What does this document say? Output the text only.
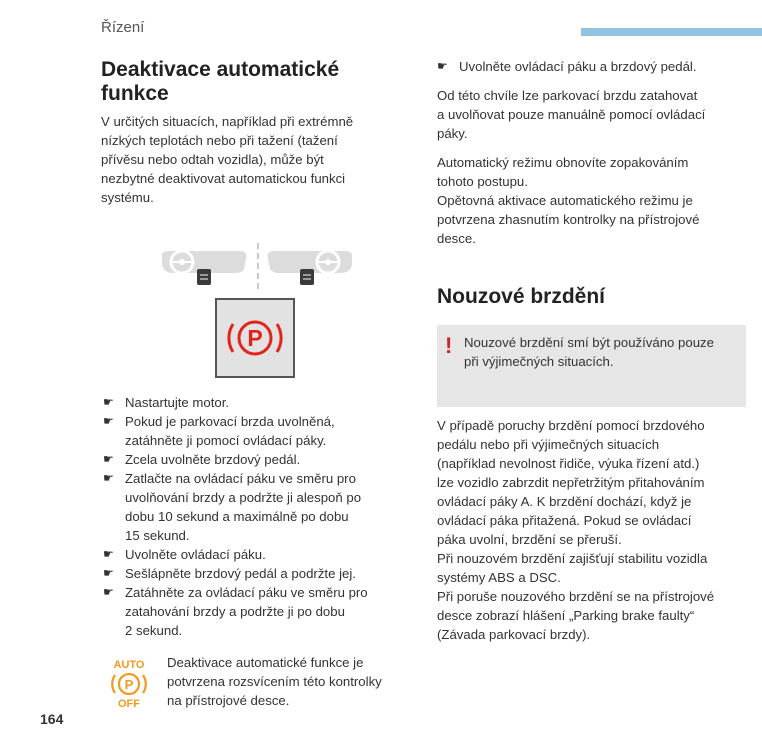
Řízení
Deaktivace automatické
funkce
V určitých situacích, například při extrémně
nízkých teplotách nebo při tažení (tažení
přívěsu nebo odtah vozidla), může být
nezbytné deaktivovat automatickou funkci
systému.
P
☛ Nastartujte motor.
☛ Pokud je parkovací brzda uvolněná,
zatáhněte ji pomocí ovládací páky.
☛ Zcela uvolněte brzdový pedál.
☛ Zatlačte na ovládací páku ve směru pro
uvolňování brzdy a podržte ji alespoň po
dobu 10 sekund a maximálně po dobu
15 sekund.
☛ Uvolněte ovládací páku.
☛ Sešlápněte brzdový pedál a podržte jej.
☛ Zatáhněte za ovládací páku ve směru pro
zatahování brzdy a podržte ji po dobu
2 sekund.
AUTO
P
OFF
Deaktivace automatické funkce je
potvrzena rozsvícením této kontrolky
na přístrojové desce.
164
☛ Uvolněte ovládací páku a brzdový pedál.
Od této chvíle lze parkovací brzdu zatahovat
a uvolňovat pouze manuálně pomocí ovládací
páky.
Automatický režimu obnovíte zopakováním
tohoto postupu.
Opětovná aktivace automatického režimu je
potvrzena zhasnutím kontrolky na přístrojové
desce.
Nouzové brzdění
! Nouzové brzdění smí být používáno pouze
při výjimečných situacích.
V případě poruchy brzdění pomocí brzdového
pedálu nebo při výjimečných situacích
(například nevolnost řidiče, výuka řízení atd.)
lze vozidlo zabrzdit nepřetržitým přitahováním
ovládací páky A. K brzdění dochází, když je
ovládací páka přitažená. Pokud se ovládací
páka uvolní, brzdění se přeruší.
Při nouzovém brzdění zajišťují stabilitu vozidla
systémy ABS a DSC.
Při poruše nouzového brzdění se na přístrojové
desce zobrazí hlášení „Parking brake faulty“
(Závada parkovací brzdy).
